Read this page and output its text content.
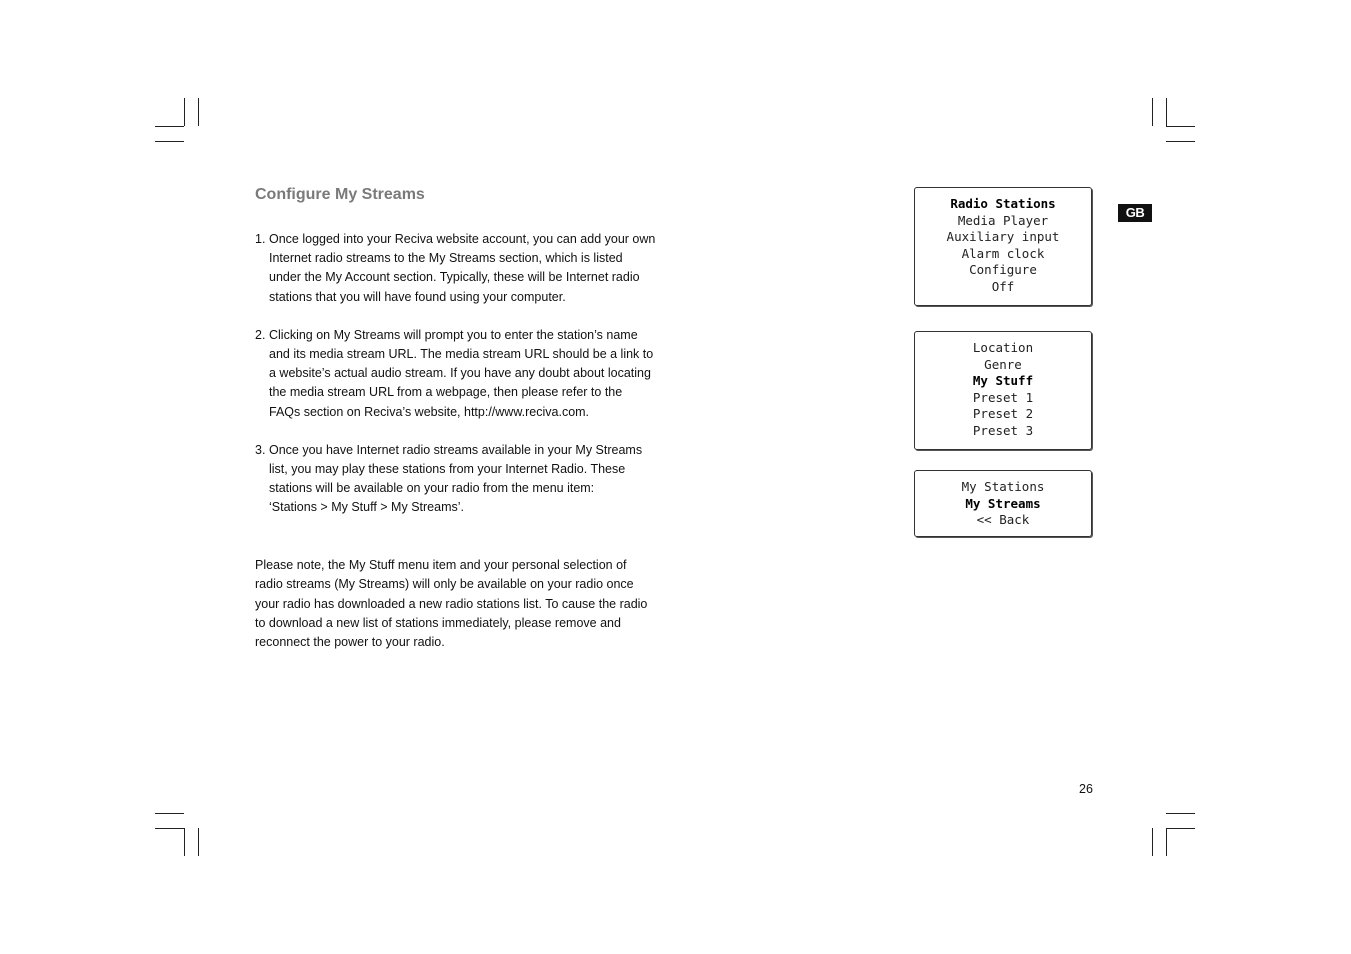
Configure My Streams
1. Once logged into your Reciva website account, you can add your own
Internet radio streams to the My Streams section, which is listed
under the My Account section. Typically, these will be Internet radio
stations that you will have found using your computer.
2. Clicking on My Streams will prompt you to enter the station’s name
and its media stream URL. The media stream URL should be a link to
a website’s actual audio stream. If you have any doubt about locating
the media stream URL from a webpage, then please refer to the
FAQs section on Reciva’s website, http://www.reciva.com.
3. Once you have Internet radio streams available in your My Streams
list, you may play these stations from your Internet Radio. These
stations will be available on your radio from the menu item:
‘Stations > My Stuff > My Streams’.
Please note, the My Stuff menu item and your personal selection of
radio streams (My Streams) will only be available on your radio once
your radio has downloaded a new radio stations list. To cause the radio
to download a new list of stations immediately, please remove and
reconnect the power to your radio.
Radio Stations
Media Player
Auxiliary input
Alarm clock
Configure
Off
Location
Genre
My Stuff
Preset 1
Preset 2
Preset 3
My Stations
My Streams
<< Back
GB
26
